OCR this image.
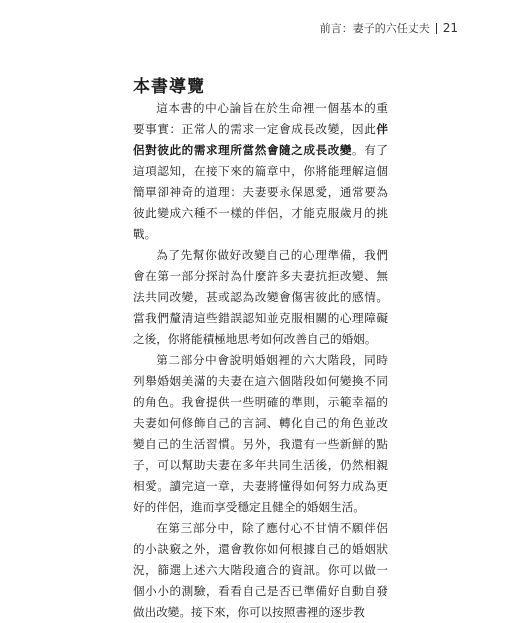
前言：妻子的六任丈夫 21
本書導覽

這本書的中心論旨在於生命裡一個基本的重要事實：正常人的需求一定會成長改變，因此伴侶對彼此的需求理所當然會隨之成長改變。有了這項認知，在接下來的篇章中，你將能理解這個簡單卻神奇的道理：夫妻要永保恩愛，通常要為彼此變成六種不一樣的伴侶，才能克服歲月的挑戰。

為了先幫你做好改變自己的心理準備，我們會在第一部分探討為什麼許多夫妻抗拒改變、無法共同改變，甚或認為改變會傷害彼此的感情。當我們釐清這些錯誤認知並克服相關的心理障礙之後，你將能積極地思考如何改善自己的婚姻。

第二部分中會說明婚姻裡的六大階段，同時列舉婚姻美滿的夫妻在這六個階段如何變換不同的角色。我會提供一些明確的準則，示範幸福的夫妻如何修飾自己的言詞、轉化自己的角色並改變自己的生活習慣。另外，我還有一些新鮮的點子，可以幫助夫妻在多年共同生活後，仍然相親相愛。讀完這一章，夫妻將懂得如何努力成為更好的伴侶，進而享受穩定且健全的婚姻生活。

在第三部分中，除了應付心不甘情不願伴侶的小訣竅之外，還會教你如何根據自己的婚姻狀況，篩選上述六大階段適合的資訊。你可以做一個小小的測驗，看看自己是否已準備好自動自發做出改變。接下來，你可以按照書裡的逐步教
